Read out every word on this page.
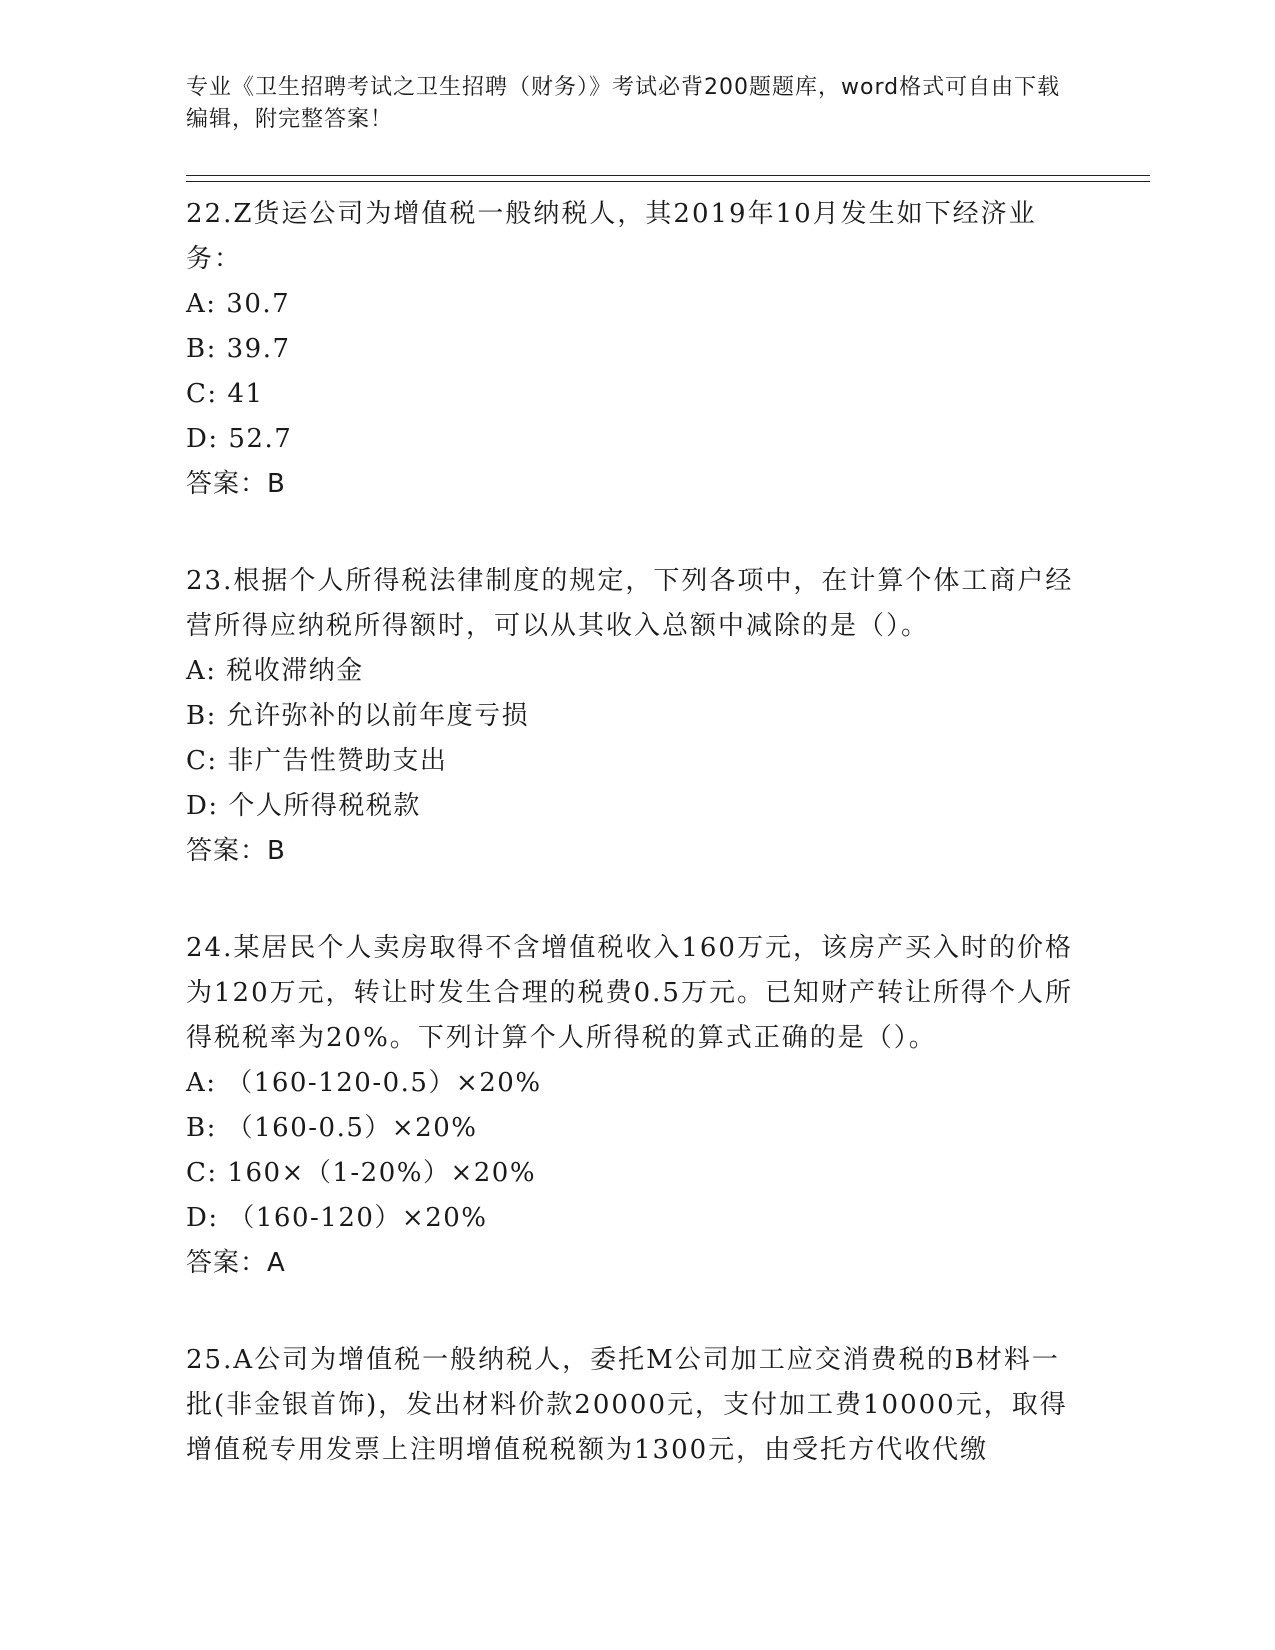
专业《卫生招聘考试之卫生招聘（财务）》考试必背200题题库，word格式可自由下载编辑，附完整答案！
22.Z货运公司为增值税一般纳税人，其2019年10月发生如下经济业务：
A: 30.7
B: 39.7
C: 41
D: 52.7
答案：B
23.根据个人所得税法律制度的规定，下列各项中，在计算个体工商户经营所得应纳税所得额时，可以从其收入总额中减除的是（）。
A: 税收滞纳金
B: 允许弥补的以前年度亏损
C: 非广告性赞助支出
D: 个人所得税税款
答案：B
24.某居民个人卖房取得不含增值税收入160万元，该房产买入时的价格为120万元，转让时发生合理的税费0.5万元。已知财产转让所得个人所得税税率为20%。下列计算个人所得税的算式正确的是（）。
A: （160-120-0.5）×20%
B: （160-0.5）×20%
C: 160×（1-20%）×20%
D: （160-120）×20%
答案：A
25.A公司为增值税一般纳税人，委托M公司加工应交消费税的B材料一批(非金银首饰)，发出材料价款20000元，支付加工费10000元，取得增值税专用发票上注明增值税税额为1300元，由受托方代收代缴
